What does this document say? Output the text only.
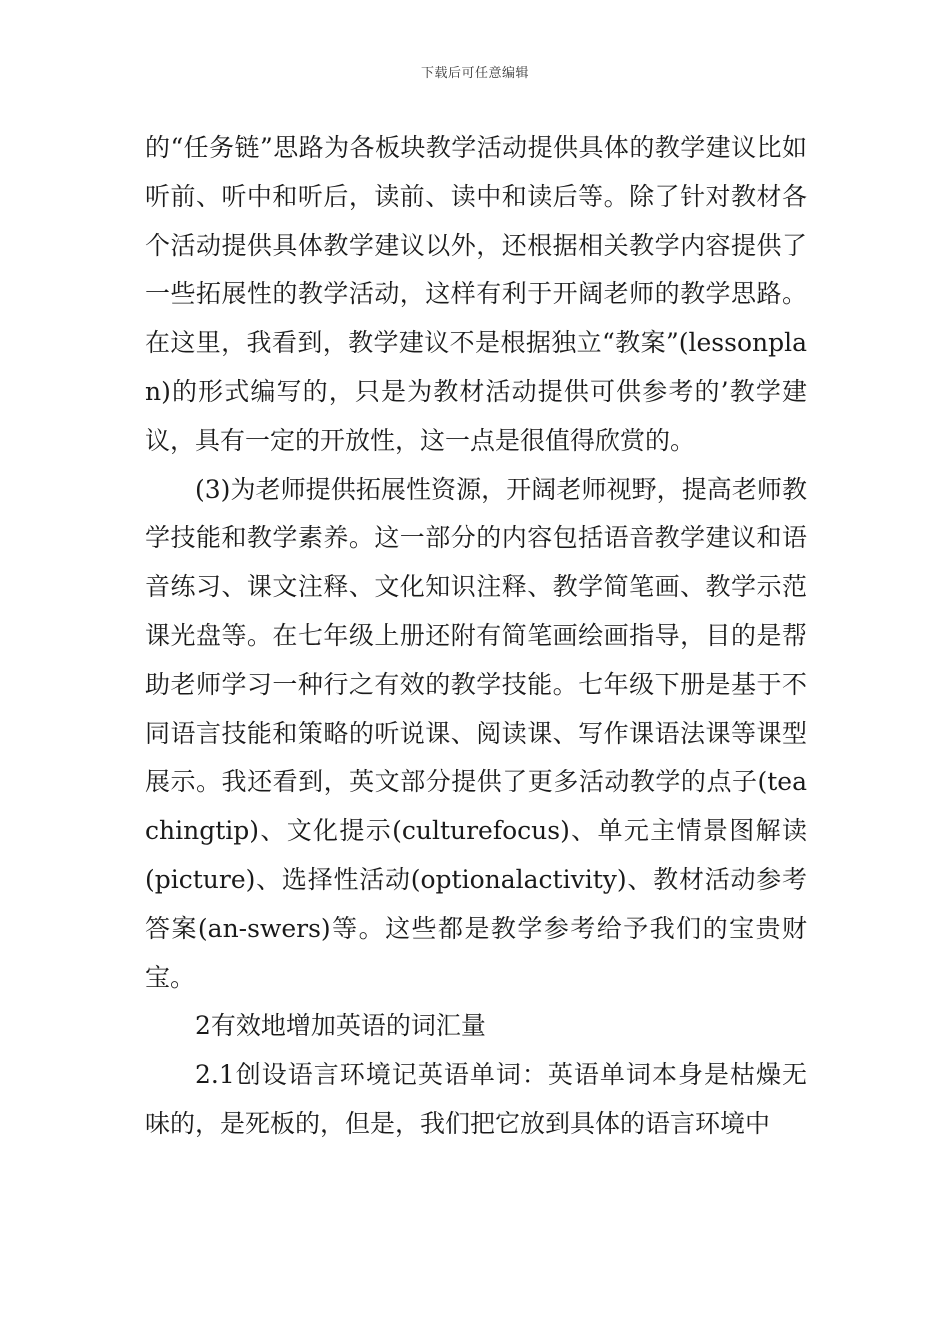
下载后可任意编辑

的“任务链”思路为各板块教学活动提供具体的教学建议比如听前、听中和听后，读前、读中和读后等。除了针对教材各个活动提供具体教学建议以外，还根据相关教学内容提供了一些拓展性的教学活动，这样有利于开阔老师的教学思路。在这里，我看到，教学建议不是根据独立“教案”(lessonplan)的形式编写的，只是为教材活动提供可供参考的’教学建议，具有一定的开放性，这一点是很值得欣赏的。

(3)为老师提供拓展性资源，开阔老师视野，提高老师教学技能和教学素养。这一部分的内容包括语音教学建议和语音练习、课文注释、文化知识注释、教学简笔画、教学示范课光盘等。在七年级上册还附有简笔画绘画指导，目的是帮助老师学习一种行之有效的教学技能。七年级下册是基于不同语言技能和策略的听说课、阅读课、写作课语法课等课型展示。我还看到，英文部分提供了更多活动教学的点子(teachingtip)、文化提示(culturefocus)、单元主情景图解读(picture)、选择性活动(optionalactivity)、教材活动参考答案(an-swers)等。这些都是教学参考给予我们的宝贵财宝。

2有效地增加英语的词汇量

2.1创设语言环境记英语单词：英语单词本身是枯燥无味的，是死板的，但是，我们把它放到具体的语言环境中
